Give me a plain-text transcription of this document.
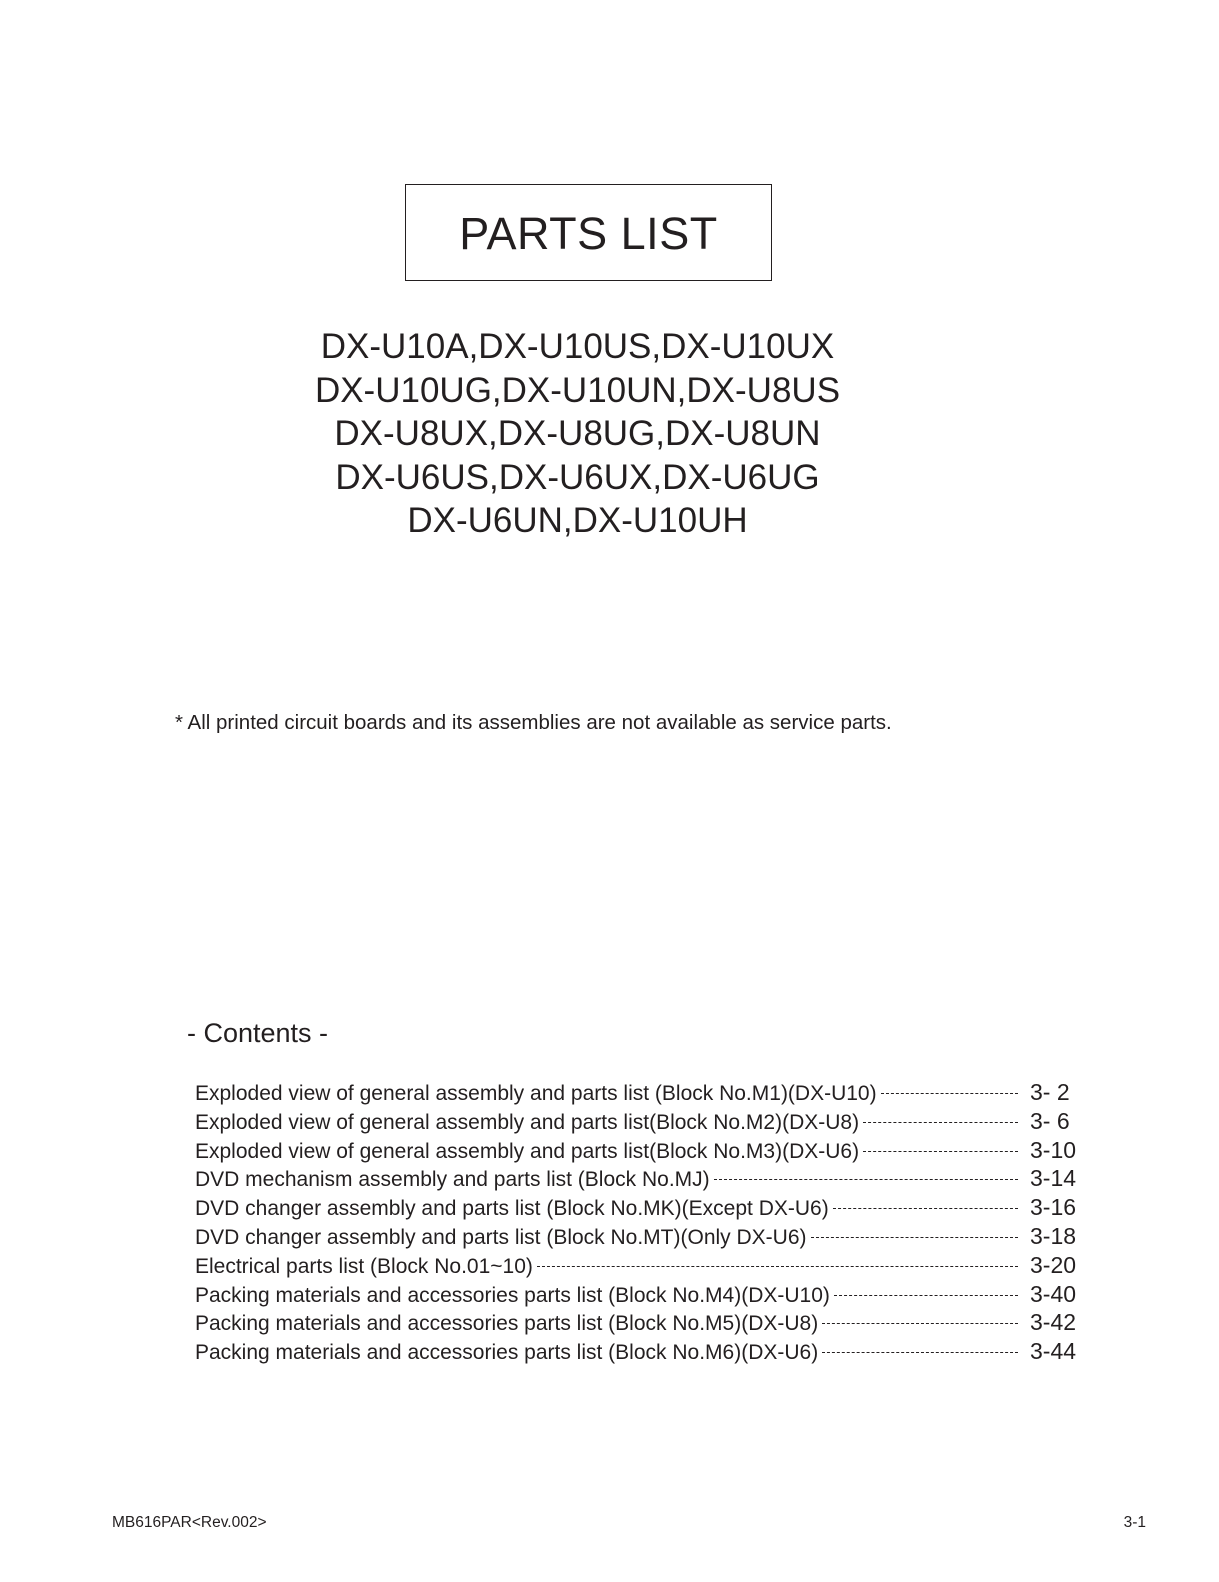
PARTS LIST
DX-U10A,DX-U10US,DX-U10UX
DX-U10UG,DX-U10UN,DX-U8US
DX-U8UX,DX-U8UG,DX-U8UN
DX-U6US,DX-U6UX,DX-U6UG
DX-U6UN,DX-U10UH
* All printed circuit boards and its assemblies are not available as service parts.
- Contents -
Exploded view of general assembly and parts list (Block No.M1)(DX-U10)	3- 2
Exploded view of general assembly and parts list(Block No.M2)(DX-U8)	3- 6
Exploded view of general assembly and parts list(Block No.M3)(DX-U6)	3-10
DVD mechanism assembly and parts list (Block No.MJ)	3-14
DVD changer assembly and parts list (Block No.MK)(Except DX-U6)	3-16
DVD changer assembly and parts list (Block No.MT)(Only DX-U6)	3-18
Electrical parts list (Block No.01~10)	3-20
Packing materials and accessories parts list (Block No.M4)(DX-U10)	3-40
Packing materials and accessories parts list (Block No.M5)(DX-U8)	3-42
Packing materials and accessories parts list (Block No.M6)(DX-U6)	3-44
MB616PAR<Rev.002>	3-1
